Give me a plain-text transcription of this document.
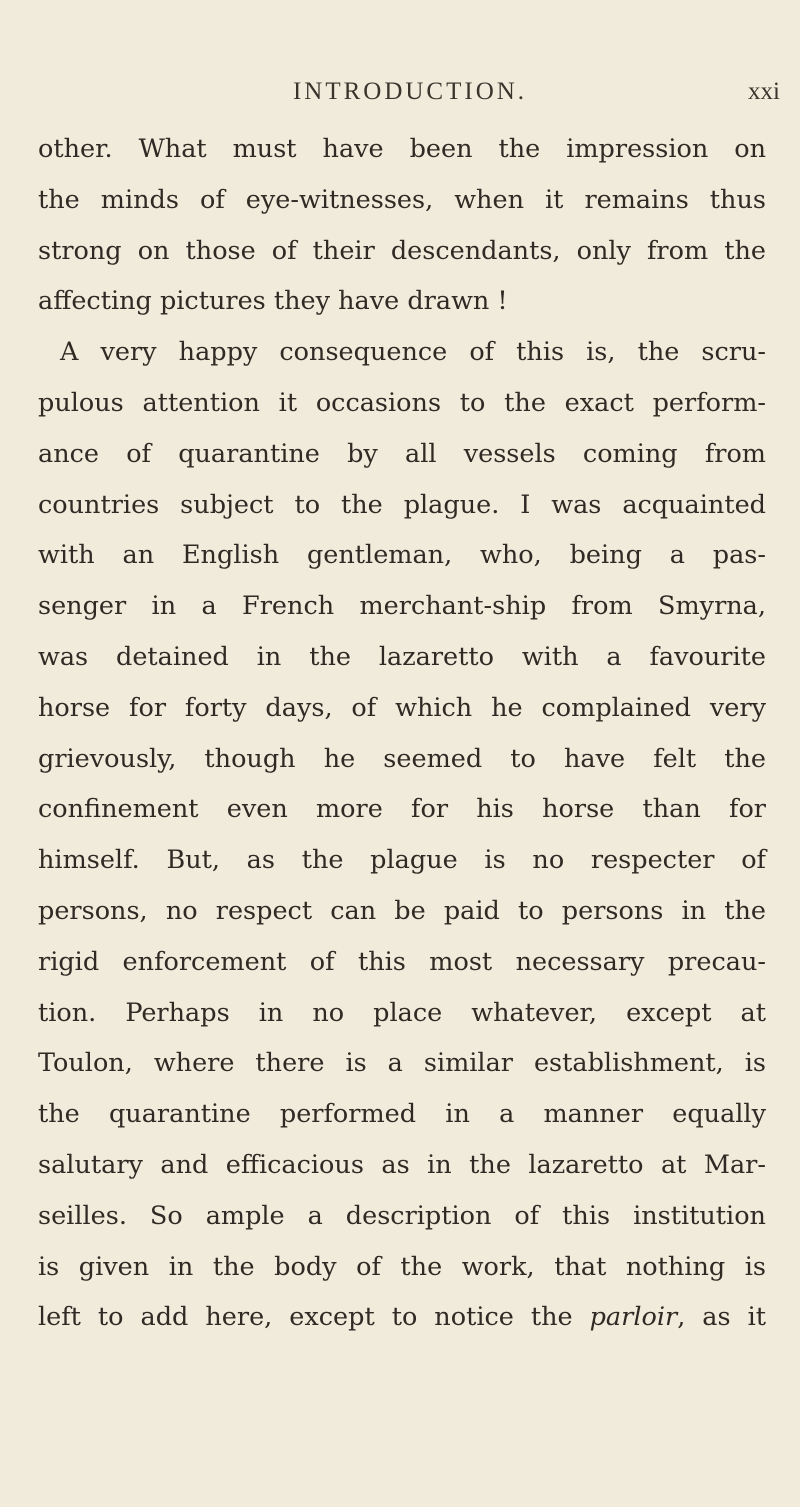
INTRODUCTION.	xxi
other. What must have been the impression on
the minds of eye-witnesses, when it remains thus
strong on those of their descendants, only from the
affecting pictures they have drawn !
A very happy consequence of this is, the scru-
pulous attention it occasions to the exact perform-
ance of quarantine by all vessels coming from
countries subject to the plague. I was acquainted
with an English gentleman, who, being a pas-
senger in a French merchant-ship from Smyrna,
was detained in the lazaretto with a favourite
horse for forty days, of which he complained very
grievously, though he seemed to have felt the
confinement even more for his horse than for
himself. But, as the plague is no respecter of
persons, no respect can be paid to persons in the
rigid enforcement of this most necessary precau-
tion. Perhaps in no place whatever, except at
Toulon, where there is a similar establishment, is
the quarantine performed in a manner equally
salutary and efficacious as in the lazaretto at Mar-
seilles. So ample a description of this institution
is given in the body of the work, that nothing is
left to add here, except to notice the parloir, as it
